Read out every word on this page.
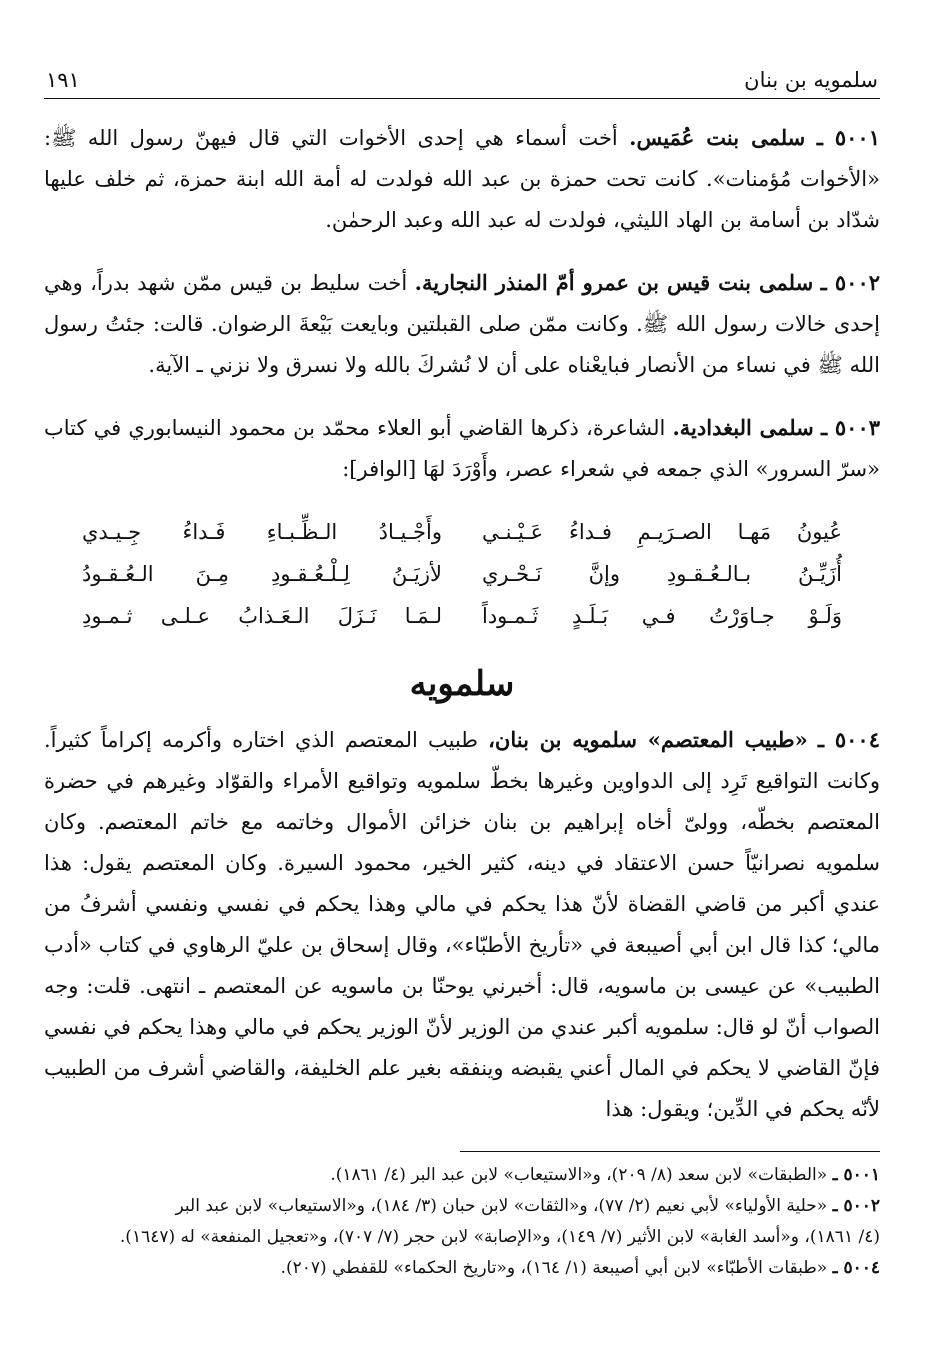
سلمويه بن بنان
١٩١

٥٠٠١ ـ سلمى بنت عُمَيس. أخت أسماء هي إحدى الأخوات التي قال فيهنّ رسول الله ﷺ: «الأخوات مُؤمنات». كانت تحت حمزة بن عبد الله فولدت له أمة الله ابنة حمزة، ثم خلف عليها شدّاد بن أسامة بن الهاد الليثي، فولدت له عبد الله وعبد الرحمٰن.

٥٠٠٢ ـ سلمى بنت قيس بن عمرو أمّ المنذر النجارية. أخت سليط بن قيس ممّن شهد بدراً، وهي إحدى خالات رسول الله ﷺ. وكانت ممّن صلى القبلتين وبايعت بَيْعةَ الرضوان. قالت: جئتُ رسول الله ﷺ في نساء من الأنصار فبايعْناه على أن لا نُشركَ بالله ولا نسرق ولا نزني ـ الآية.

٥٠٠٣ ـ سلمى البغدادية. الشاعرة، ذكرها القاضي أبو العلاء محمّد بن محمود النيسابوري في كتاب «سرّ السرور» الذي جمعه في شعراء عصر، وأَوْرَدَ لهَا [الوافر]:

عُيونُ مَهـا الصـرَيـمِ فـداءُ عَـيْـنـي
وأَجْـيـادُ الـظِّـبـاءِ فَـداءُ جِـيـدي
أُزَيِّـنُ بـالـعُـقـودِ وإنَّ نَـحْـري
لأزيَـنُ لِـلْـعُـقـودِ مِـنَ الـعُـقـودُ
وَلَـوْ جـاوَرْتُ فـي بَـلَـدٍ ثَـمـوداً
لـمَـا نَـزَلَ الـعَـذابُ عـلـى ثـمـودِ
سلمويه

٥٠٠٤ ـ «طبيب المعتصم» سلمويه بن بنان، طبيب المعتصم الذي اختاره وأكرمه إكراماً كثيراً. وكانت التواقيع تَرِد إلى الدواوين وغيرها بخطّ سلمويه وتواقيع الأمراء والقوّاد وغيرهم في حضرة المعتصم بخطّه، وولىّ أخاه إبراهيم بن بنان خزائن الأموال وخاتمه مع خاتم المعتصم. وكان سلمويه نصرانيّاً حسن الاعتقاد في دينه، كثير الخير، محمود السيرة. وكان المعتصم يقول: هذا عندي أكبر من قاضي القضاة لأنّ هذا يحكم في مالي وهذا يحكم في نفسي ونفسي أشرفُ من مالي؛ كذا قال ابن أبي أصيبعة في «تأريخ الأطبّاء»، وقال إسحاق بن عليّ الرهاوي في كتاب «أدب الطبيب» عن عيسى بن ماسويه، قال: أخبرني يوحنّا بن ماسويه عن المعتصم ـ انتهى. قلت: وجه الصواب أنّ لو قال: سلمويه أكبر عندي من الوزير لأنّ الوزير يحكم في مالي وهذا يحكم في نفسي فإنّ القاضي لا يحكم في المال أعني يقبضه وينفقه بغير علم الخليفة، والقاضي أشرف من الطبيب لأنّه يحكم في الدِّين؛ ويقول: هذا

٥٠٠١ ـ «الطبقات» لابن سعد (٨/ ٢٠٩)، و«الاستيعاب» لابن عبد البر (٤/ ١٨٦١).
٥٠٠٢ ـ «حلية الأولياء» لأبي نعيم (٢/ ٧٧)، و«الثقات» لابن حبان (٣/ ١٨٤)، و«الاستيعاب» لابن عبد البر
(٤/ ١٨٦١)، و«أسد الغابة» لابن الأثير (٧/ ١٤٩)، و«الإصابة» لابن حجر (٧/ ٧٠٧)، و«تعجيل المنفعة» له (١٦٤٧).
٥٠٠٤ ـ «طبقات الأطبّاء» لابن أبي أصيبعة (١/ ١٦٤)، و«تاريخ الحكماء» للقفطي (٢٠٧).
